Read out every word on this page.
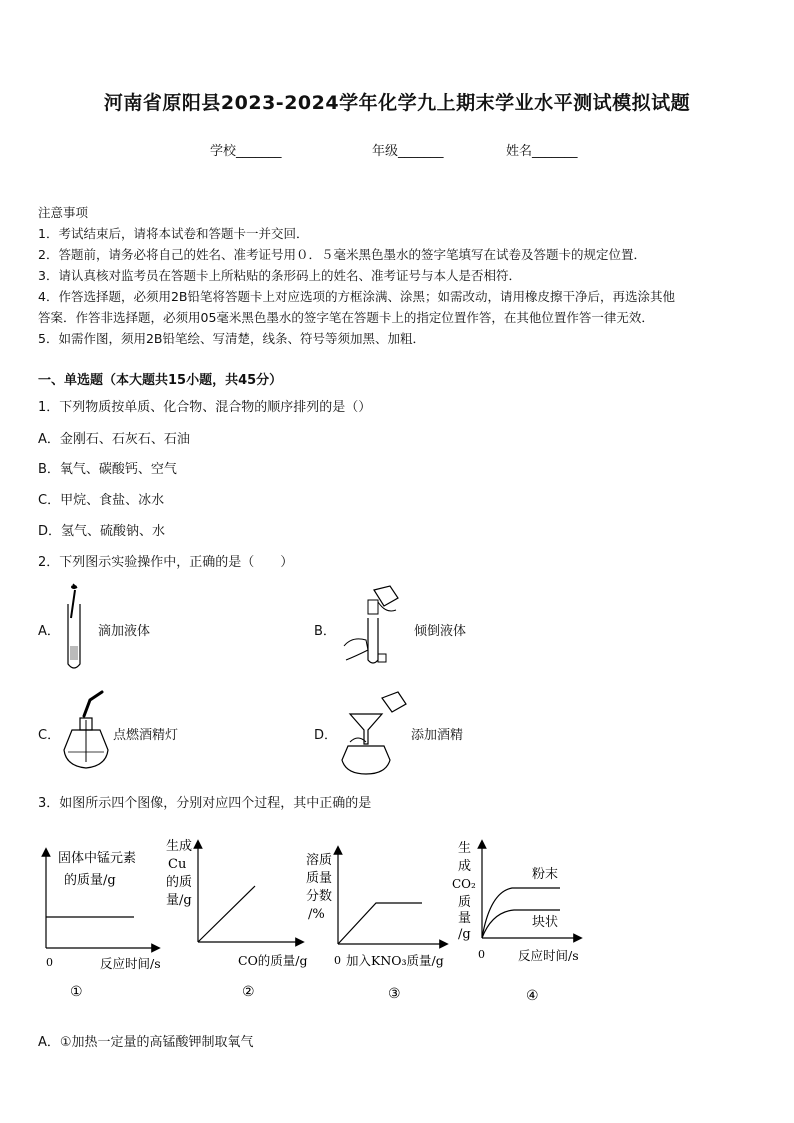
河南省原阳县2023-2024学年化学九上期末学业水平测试模拟试题
学校_______	年级_______	姓名_______
注意事项
1．考试结束后，请将本试卷和答题卡一并交回．
2．答题前，请务必将自己的姓名、准考证号用０．５毫米黑色墨水的签字笔填写在试卷及答题卡的规定位置．
3．请认真核对监考员在答题卡上所粘贴的条形码上的姓名、准考证号与本人是否相符．
4．作答选择题，必须用2B铅笔将答题卡上对应选项的方框涂满、涂黑；如需改动，请用橡皮擦干净后，再选涂其他
答案．作答非选择题，必须用05毫米黑色墨水的签字笔在答题卡上的指定位置作答，在其他位置作答一律无效．
5．如需作图，须用2B铅笔绘、写清楚，线条、符号等须加黑、加粗．
一、单选题（本大题共15小题，共45分）
1．下列物质按单质、化合物、混合物的顺序排列的是（）
A．金刚石、石灰石、石油
B．氧气、碳酸钙、空气
C．甲烷、食盐、冰水
D．氢气、硫酸钠、水
2．下列图示实验操作中，正确的是（　　）
A．	滴加液体	B．	倾倒液体
C．	点燃酒精灯	D．	添加酒精
3．如图所示四个图像，分别对应四个过程，其中正确的是
固体中锰元素
的质量/g
0	反应时间/s
①
生成
Cu
的质
量/g
CO的质量/g
②
溶质
质量
分数
/%
0 加入KNO₃质量/g
③
生
成
CO₂
质
量
/g
粉末
块状
0	反应时间/s
④
A．①加热一定量的高锰酸钾制取氧气
